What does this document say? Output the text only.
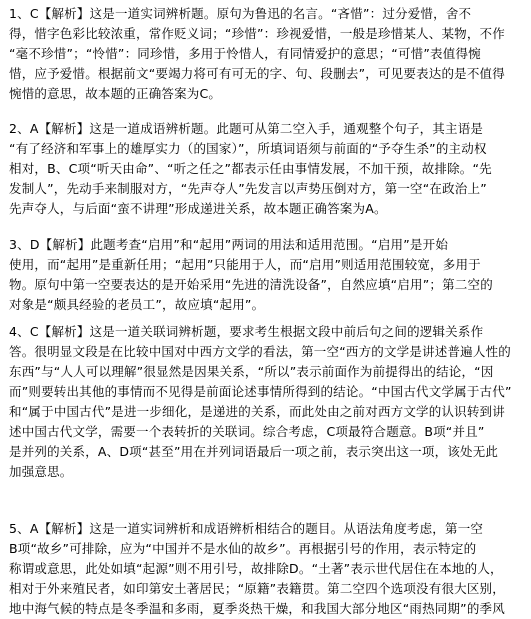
1、C【解析】这是一道实词辨析题。原句为鲁迅的名言。“吝惜”：过分爱惜，舍不
得，惜字色彩比较浓重，常作贬义词；“珍惜”：珍视爱惜，一般是珍惜某人、某物，不作
“毫不珍惜”；“怜惜”：同珍惜，多用于怜惜人，有同情爱护的意思；“可惜”表值得惋
惜，应予爱惜。根据前文“要竭力将可有可无的字、句、段删去”，可见要表达的是不值得
惋惜的意思，故本题的正确答案为C。
2、A【解析】这是一道成语辨析题。此题可从第二空入手，通观整个句子，其主语是
“有了经济和军事上的雄厚实力（的国家）”，所填词语须与前面的“予夺生杀”的主动权
相对，B、C项“听天由命”、“听之任之”都表示任由事情发展，不加干预，故排除。“先
发制人”，先动手来制服对方，“先声夺人”先发言以声势压倒对方，第一空“在政治上”
先声夺人，与后面“蛮不讲理”形成递进关系，故本题正确答案为A。
3、D【解析】此题考查“启用”和“起用”两词的用法和适用范围。“启用”是开始
使用，而“起用”是重新任用；“起用”只能用于人，而“启用”则适用范围较宽，多用于
物。原句中第一空要表达的是开始采用“先进的清洗设备”，自然应填“启用”；第二空的
对象是“颇具经验的老员工”，故应填“起用”。
4、C【解析】这是一道关联词辨析题，要求考生根据文段中前后句之间的逻辑关系作
答。很明显文段是在比较中国对中西方文学的看法，第一空“西方的文学是讲述普遍人性的
东西”与“人人可以理解”很显然是因果关系，“所以”表示前面作为前提得出的结论，“因
而”则要转出其他的事情而不见得是前面论述事情所得到的结论。“中国古代文学属于古代”
和“属于中国古代”是进一步细化，是递进的关系，而此处由之前对西方文学的认识转到讲
述中国古代文学，需要一个表转折的关联词。综合考虑，C项最符合题意。B项“并且”
是并列的关系，A、D项“甚至”用在并列词语最后一项之前，表示突出这一项，该处无此
加强意思。
5、A【解析】这是一道实词辨析和成语辨析相结合的题目。从语法角度考虑，第一空
B项“故乡”可排除，应为“中国并不是水仙的故乡”。再根据引号的作用，表示特定的
称谓或意思，此处如填“起源”则不用引号，故排除D。“土著”表示世代居住在本地的人，
相对于外来殖民者，如印第安土著居民；“原籍”表籍贯。第二空四个选项没有很大区别，
地中海气候的特点是冬季温和多雨，夏季炎热干燥，和我国大部分地区“雨热同期”的季风
